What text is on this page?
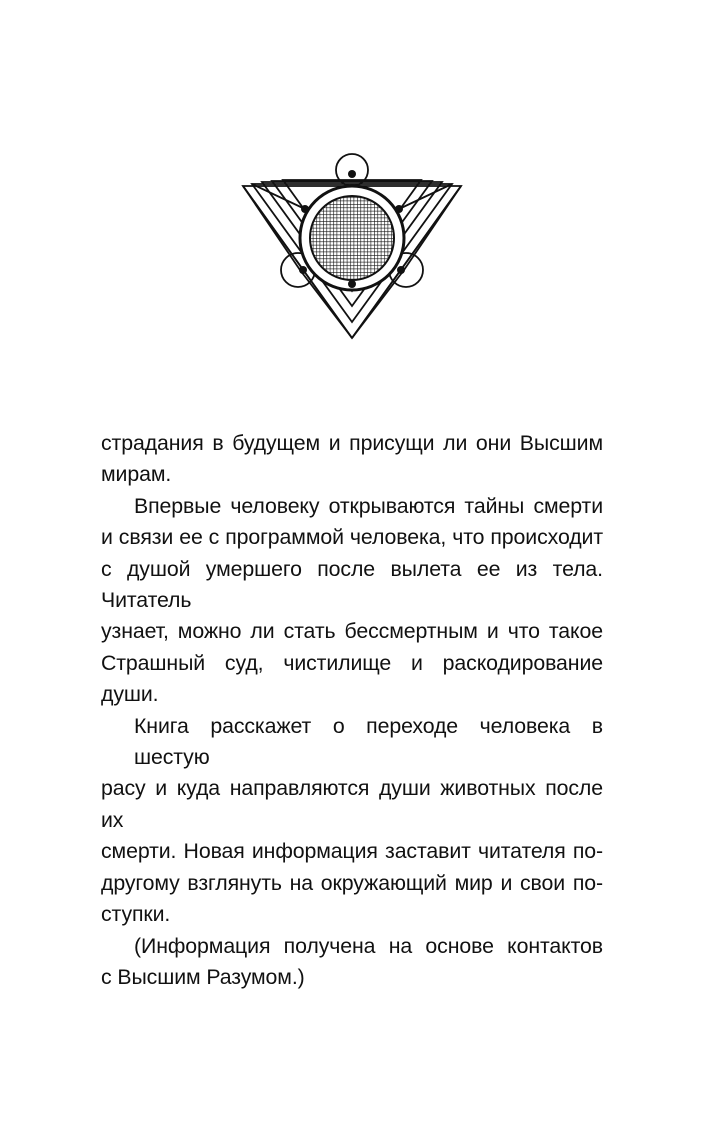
страдания в будущем и присущи ли они Высшим
мирам.

Впервые человеку открываются тайны смерти
и связи ее с программой человека, что происходит
с душой умершего после вылета ее из тела. Читатель
узнает, можно ли стать бессмертным и что такое
Страшный суд, чистилище и раскодирование души.

Книга расскажет о переходе человека в шестую
расу и куда направляются души животных после их
смерти. Новая информация заставит читателя по-
другому взглянуть на окружающий мир и свои по-
ступки.

(Информация получена на основе контактов
с Высшим Разумом.)
